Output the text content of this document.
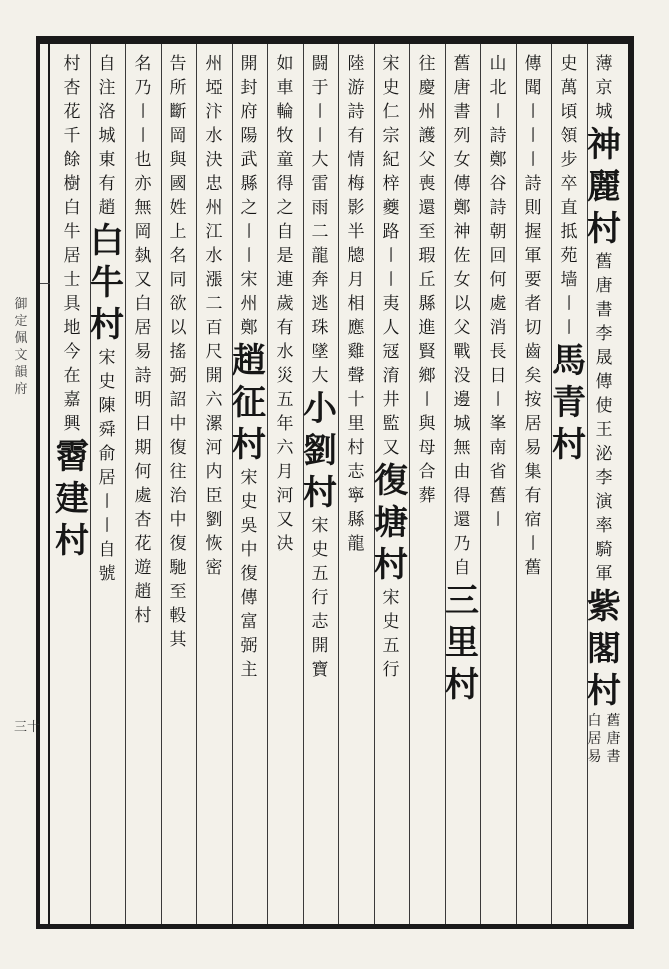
薄
京
城
神
麗
村
舊
唐
書
李
晟
傳
使
王
泌
李
演
率
騎
軍
紫
閣
村
舊
唐
書
白
居
易
史
萬
頃
領
步
卒
直
抵
苑
墙
〡
〡
馬
青
村
傳
聞
〡
〡
〡
詩
則
握
軍
要
者
切
齒
矣
按
居
易
集
有
宿
〡
舊
山
北
〡
詩
鄭
谷
詩
朝
回
何
處
消
長
日
〡
峯
南
省
舊
〡
舊
唐
書
列
女
傳
鄭
神
佐
女
以
父
戰
没
邊
城
無
由
得
還
乃
自
三
里
村
往
慶
州
護
父
喪
還
至
瑕
丘
縣
進
賢
鄉
〡
與
母
合
葬
宋
史
仁
宗
紀
梓
夔
路
〡
〡
夷
人
冦
淯
井
監
又
復
塘
村
宋
史
五
行
陸
游
詩
有
情
梅
影
半
牕
月
相
應
雞
聲
十
里
村
志
寧
縣
龍
闘
于
〡
〡
大
雷
雨
二
龍
奔
逃
珠
墜
大
小
劉
村
宋
史
五
行
志
開
寶
如
車
輪
牧
童
得
之
自
是
連
歲
有
水
災
五
年
六
月
河
又
决
開
封
府
陽
武
縣
之
〡
〡
宋
州
鄭
趙
征
村
宋
史
吳
中
復
傳
富
弼
主
州
埡
汴
水
決
忠
州
江
水
漲
二
百
尺
開
六
漯
河
内
臣
劉
恢
密
告
所
斷
岡
與
國
姓
上
名
同
欲
以
搖
弼
詔
中
復
往
治
中
復
馳
至
軗
其
名
乃
〡
〡
也
亦
無
岡
埶
又
白
居
易
詩
明
日
期
何
處
杏
花
遊
趙
村
自
注
洛
城
東
有
趙
白
牛
村
宋
史
陳
舜
俞
居
〡
〡
自
號
村
杏
花
千
餘
樹
白
牛
居
士
具
地
今
在
嘉
興
霫
建
村
御
定
佩
文
韻
府
三十
